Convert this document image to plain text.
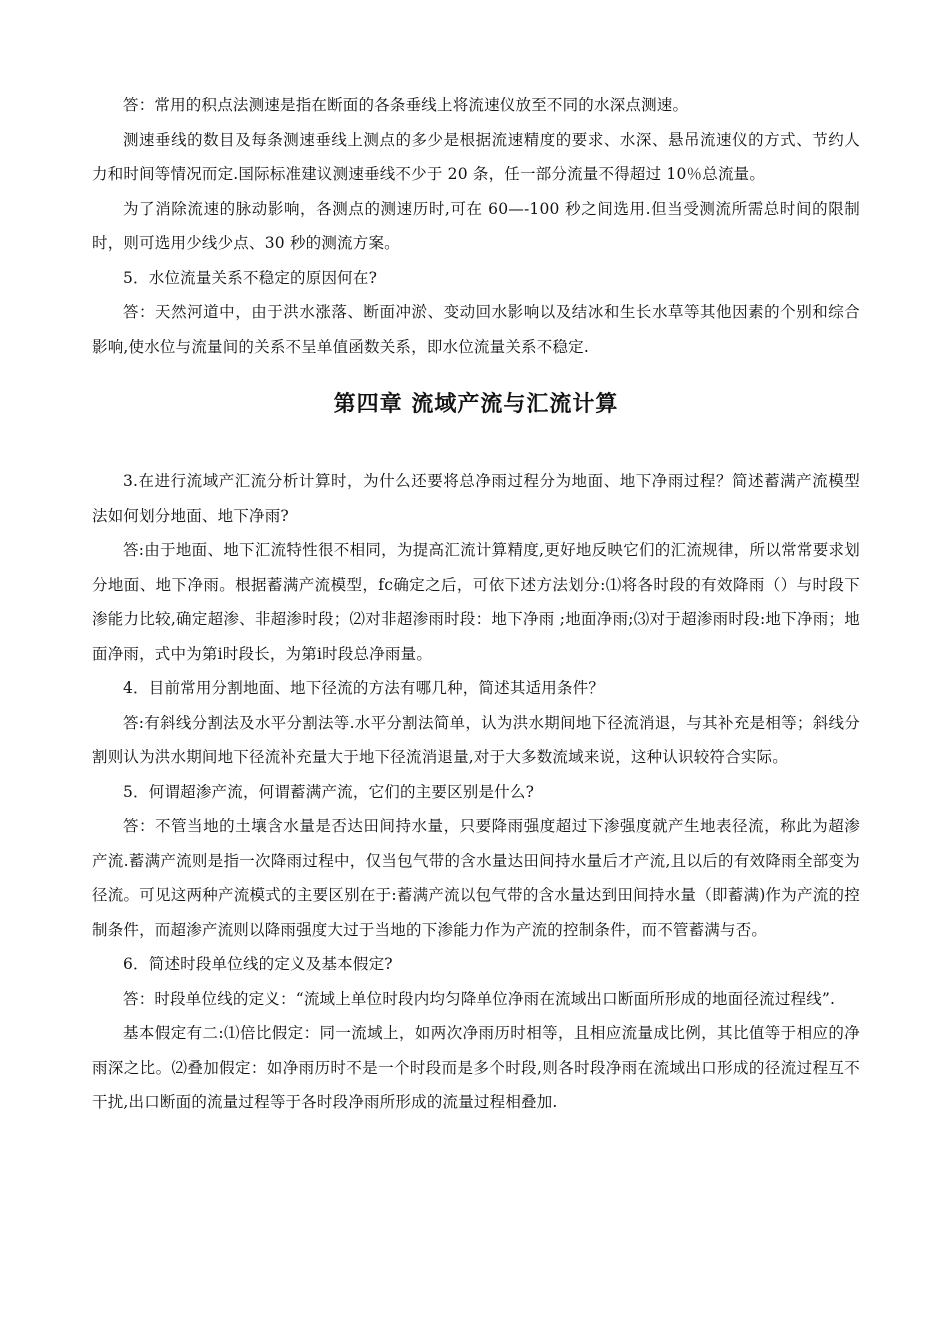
答：常用的积点法测速是指在断面的各条垂线上将流速仪放至不同的水深点测速。

测速垂线的数目及每条测速垂线上测点的多少是根据流速精度的要求、水深、悬吊流速仪的方式、节约人力和时间等情况而定.国际标准建议测速垂线不少于 20 条，任一部分流量不得超过 10％总流量。

为了消除流速的脉动影响，各测点的测速历时,可在 60—-100 秒之间选用.但当受测流所需总时间的限制时，则可选用少线少点、30 秒的测流方案。

5．水位流量关系不稳定的原因何在?

答：天然河道中，由于洪水涨落、断面冲淤、变动回水影响以及结冰和生长水草等其他因素的个别和综合影响,使水位与流量间的关系不呈单值函数关系，即水位流量关系不稳定.

第四章 流域产流与汇流计算

3.在进行流域产汇流分析计算时，为什么还要将总净雨过程分为地面、地下净雨过程？简述蓄满产流模型法如何划分地面、地下净雨?

答:由于地面、地下汇流特性很不相同，为提高汇流计算精度,更好地反映它们的汇流规律，所以常常要求划分地面、地下净雨。根据蓄满产流模型，fc确定之后，可依下述方法划分:⑴将各时段的有效降雨（）与时段下渗能力比较,确定超渗、非超渗时段；⑵对非超渗雨时段：地下净雨 ;地面净雨;⑶对于超渗雨时段:地下净雨；地面净雨，式中为第i时段长，为第i时段总净雨量。

4．目前常用分割地面、地下径流的方法有哪几种，简述其适用条件？

答:有斜线分割法及水平分割法等.水平分割法简单，认为洪水期间地下径流消退，与其补充是相等；斜线分割则认为洪水期间地下径流补充量大于地下径流消退量,对于大多数流域来说，这种认识较符合实际。

5．何谓超渗产流，何谓蓄满产流，它们的主要区别是什么?

答：不管当地的土壤含水量是否达田间持水量，只要降雨强度超过下渗强度就产生地表径流，称此为超渗产流.蓄满产流则是指一次降雨过程中，仅当包气带的含水量达田间持水量后才产流,且以后的有效降雨全部变为径流。可见这两种产流模式的主要区别在于:蓄满产流以包气带的含水量达到田间持水量（即蓄满)作为产流的控制条件，而超渗产流则以降雨强度大过于当地的下渗能力作为产流的控制条件，而不管蓄满与否。

6．简述时段单位线的定义及基本假定?

答：时段单位线的定义：“流域上单位时段内均匀降单位净雨在流域出口断面所形成的地面径流过程线”.

基本假定有二:⑴倍比假定：同一流域上，如两次净雨历时相等，且相应流量成比例，其比值等于相应的净雨深之比。⑵叠加假定：如净雨历时不是一个时段而是多个时段,则各时段净雨在流域出口形成的径流过程互不干扰,出口断面的流量过程等于各时段净雨所形成的流量过程相叠加.
